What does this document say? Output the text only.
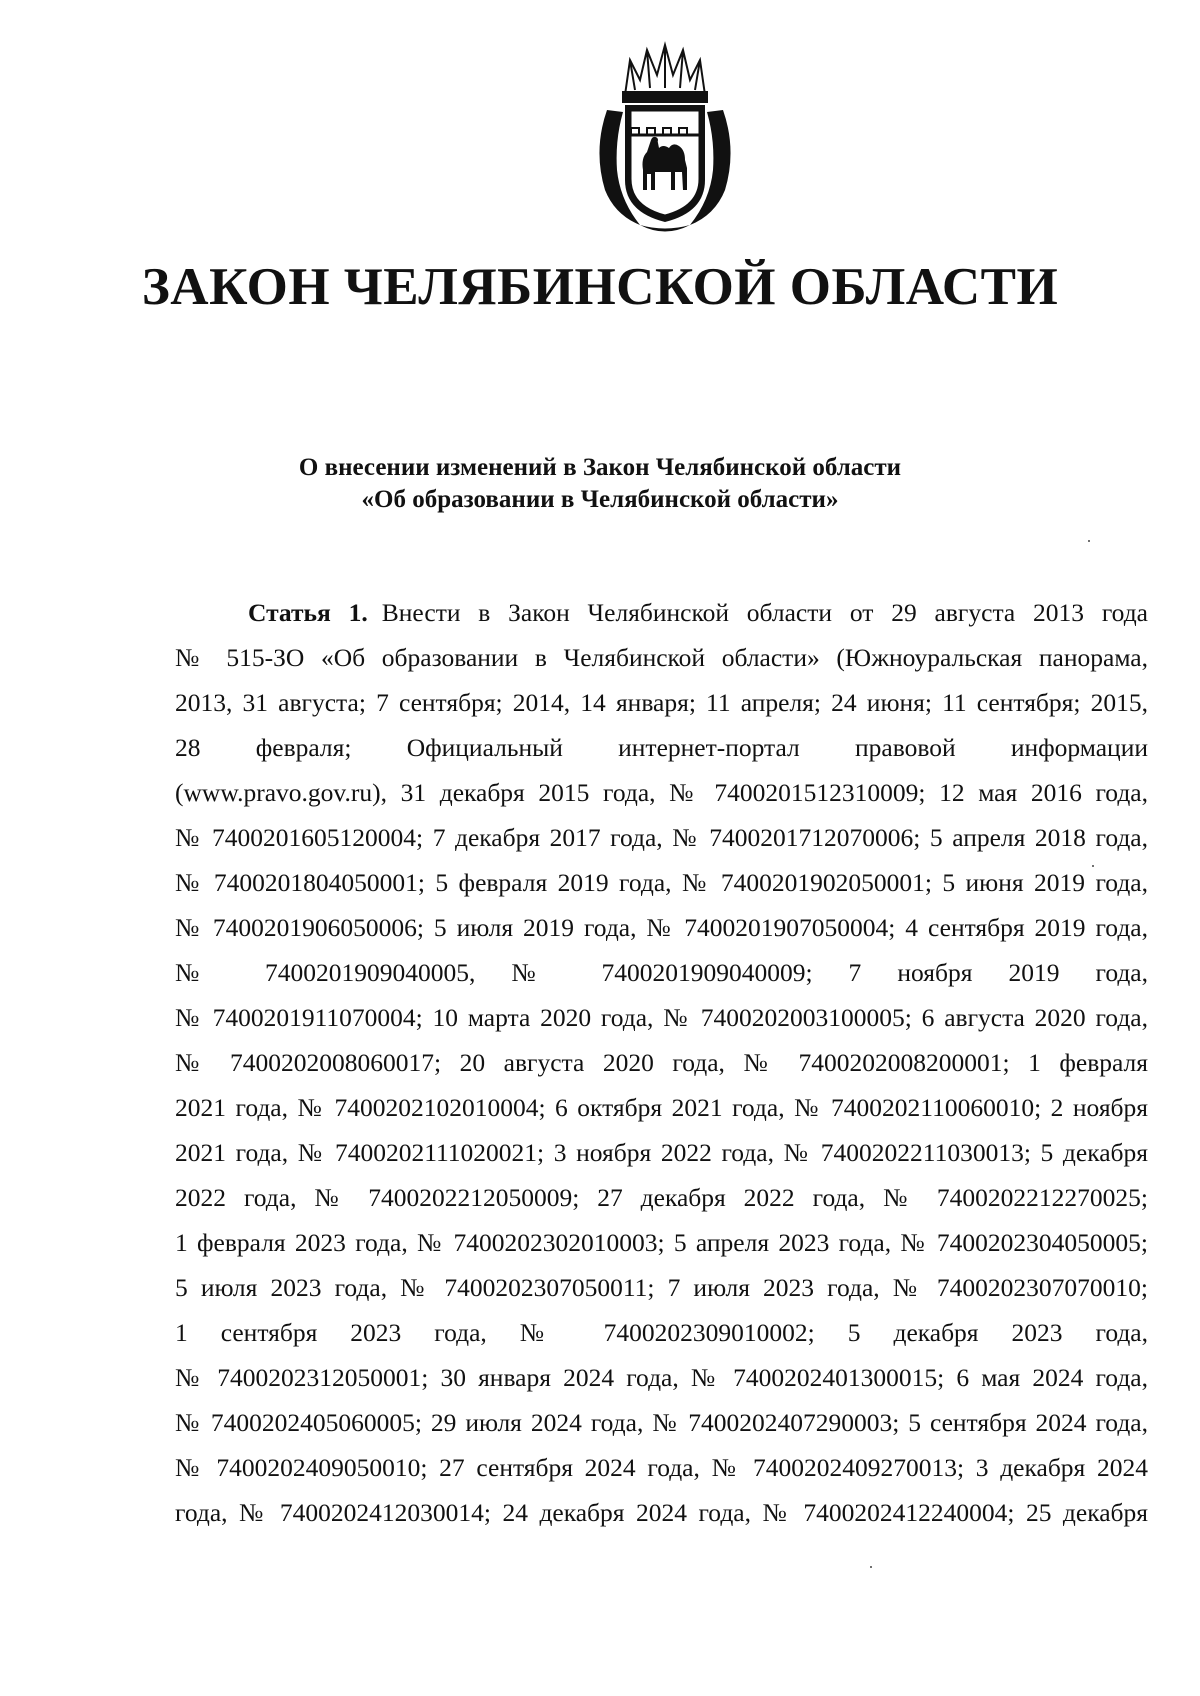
ЗАКОН ЧЕЛЯБИНСКОЙ ОБЛАСТИ
О внесении изменений в Закон Челябинской области
«Об образовании в Челябинской области»
Статья 1. Внести в Закон Челябинской области от 29 августа 2013 года
№ 515-ЗО «Об образовании в Челябинской области» (Южноуральская панорама,
2013, 31 августа; 7 сентября; 2014, 14 января; 11 апреля; 24 июня; 11 сентября; 2015,
28 февраля; Официальный интернет-портал правовой информации
(www.pravo.gov.ru), 31 декабря 2015 года, № 7400201512310009; 12 мая 2016 года,
№ 7400201605120004; 7 декабря 2017 года, № 7400201712070006; 5 апреля 2018 года,
№ 7400201804050001; 5 февраля 2019 года, № 7400201902050001; 5 июня 2019 года,
№ 7400201906050006; 5 июля 2019 года, № 7400201907050004; 4 сентября 2019 года,
№ 7400201909040005, № 7400201909040009; 7 ноября 2019 года,
№ 7400201911070004; 10 марта 2020 года, № 7400202003100005; 6 августа 2020 года,
№ 7400202008060017; 20 августа 2020 года, № 7400202008200001; 1 февраля
2021 года, № 7400202102010004; 6 октября 2021 года, № 7400202110060010; 2 ноября
2021 года, № 7400202111020021; 3 ноября 2022 года, № 7400202211030013; 5 декабря
2022 года, № 7400202212050009; 27 декабря 2022 года, № 7400202212270025;
1 февраля 2023 года, № 7400202302010003; 5 апреля 2023 года, № 7400202304050005;
5 июля 2023 года, № 7400202307050011; 7 июля 2023 года, № 7400202307070010;
1 сентября 2023 года, № 7400202309010002; 5 декабря 2023 года,
№ 7400202312050001; 30 января 2024 года, № 7400202401300015; 6 мая 2024 года,
№ 7400202405060005; 29 июля 2024 года, № 7400202407290003; 5 сентября 2024 года,
№ 7400202409050010; 27 сентября 2024 года, № 7400202409270013; 3 декабря 2024
года, № 7400202412030014; 24 декабря 2024 года, № 7400202412240004; 25 декабря
